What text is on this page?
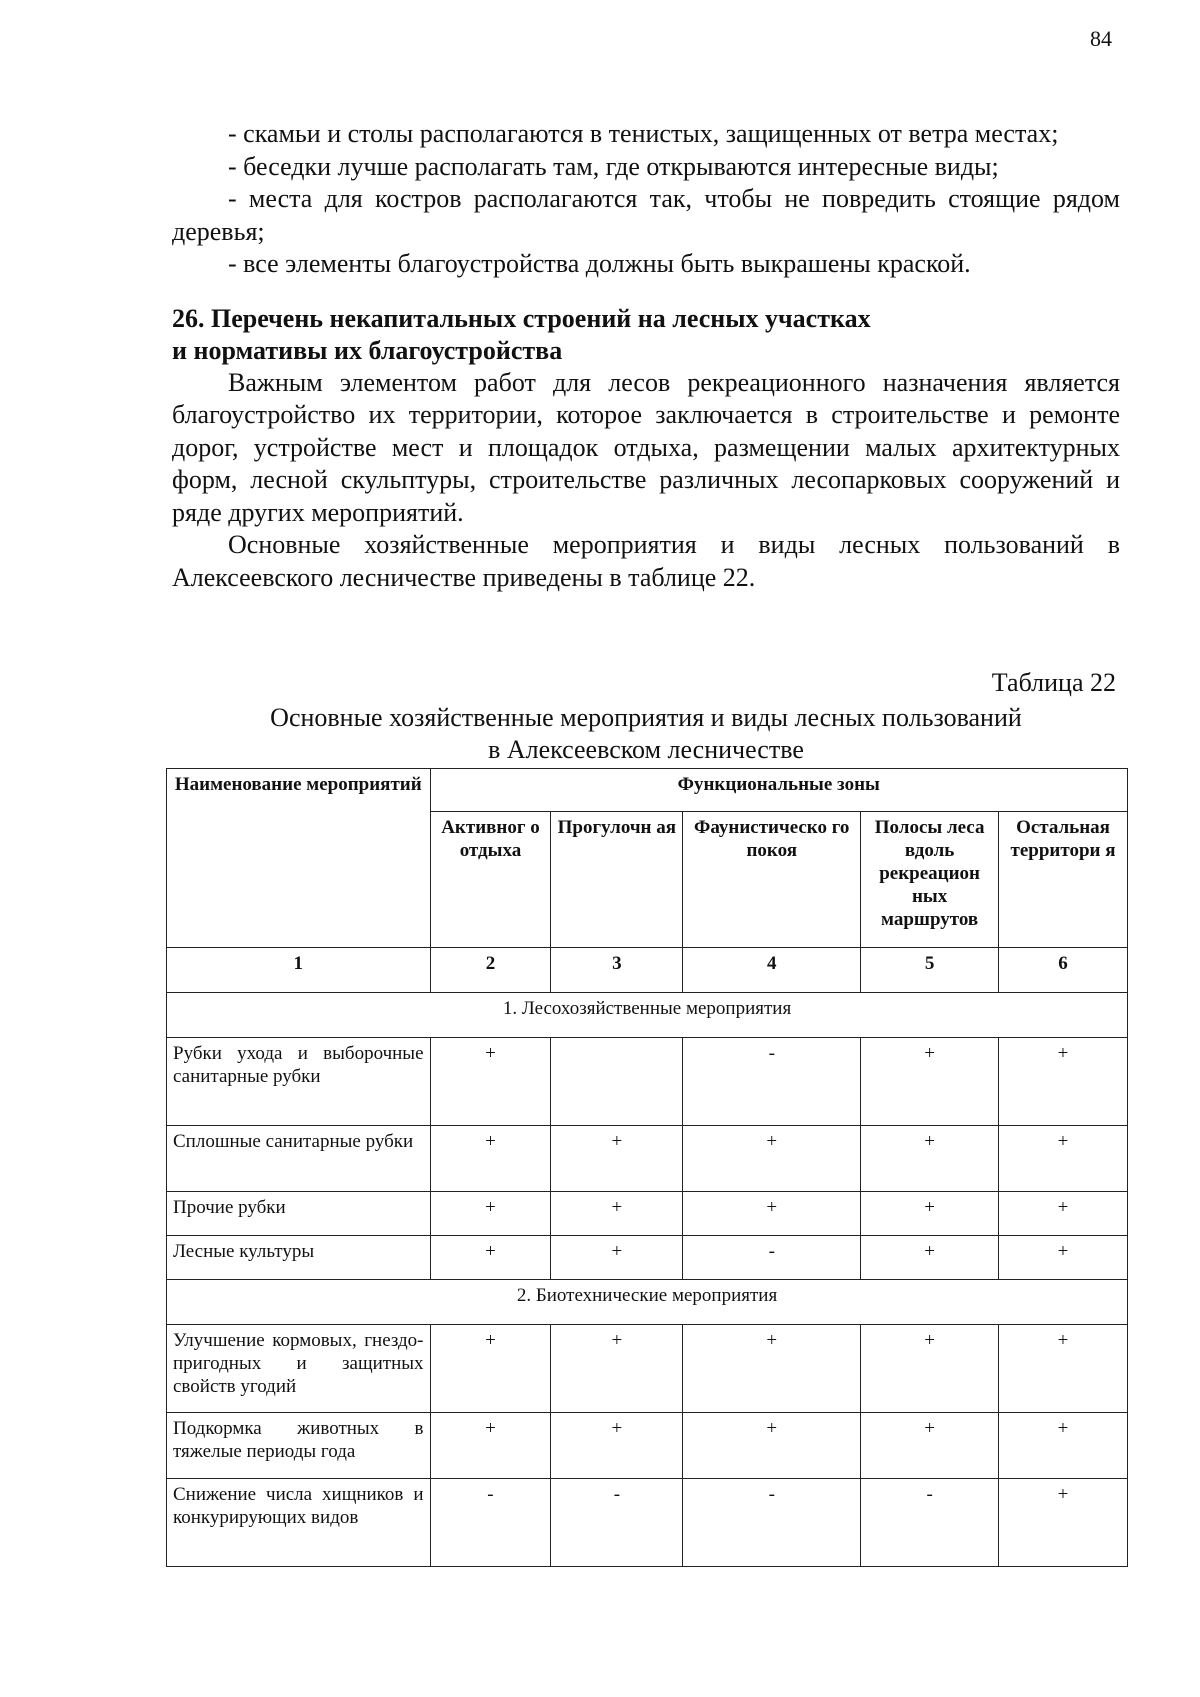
84

- скамьи и столы располагаются в тенистых, защищенных от ветра местах;

- беседки лучше располагать там, где открываются интересные виды;

- места для костров располагаются так, чтобы не повредить стоящие рядом деревья;

- все элементы благоустройства должны быть выкрашены краской.

26. Перечень некапитальных строений на лесных участках
и нормативы их благоустройства

Важным элементом работ для лесов рекреационного назначения является благоустройство их территории, которое заключается в строительстве и ремонте дорог, устройстве мест и площадок отдыха, размещении малых архитектурных форм, лесной скульптуры, строительстве различных лесопарковых сооружений и ряде других мероприятий.

Основные хозяйственные мероприятия и виды лесных пользований в Алексеевского лесничестве приведены в таблице 22.

Таблица 22
Основные хозяйственные мероприятия и виды лесных пользований
в Алексеевском лесничестве
Наименование мероприятий	Функциональные зоны				
	Активног о отдыха	Прогулочн ая	Фаунистическо го покоя	Полосы леса вдоль рекреацион ных маршрутов	Остальная территори я
1	2	3	4	5	6
1. Лесохозяйственные мероприятия					
Рубки ухода и выборочные санитарные рубки	+		-	+	+
Сплошные санитарные рубки	+	+	+	+	+
Прочие рубки	+	+	+	+	+
Лесные культуры	+	+	-	+	+
2. Биотехнические мероприятия					
Улучшение кормовых, гнездо-пригодных и защитных свойств угодий	+	+	+	+	+
Подкормка животных в тяжелые периоды года	+	+	+	+	+
Снижение числа хищников и конкурирующих видов	-	-	-	-	+
